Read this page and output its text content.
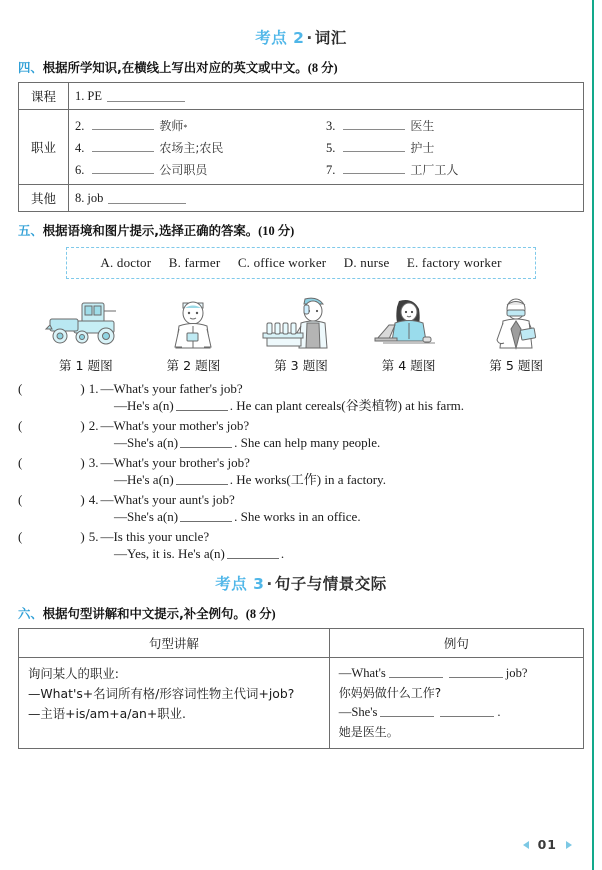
考点 2 · 词汇
四、根据所学知识,在横线上写出对应的英文或中文。(8 分)
课程	1. PE

职业	
2.	教师 *	3.	医生
4.	农场主;农民	5.	护士
6.	公司职员	7.	工厂工人

其他	8. job
五、根据语境和图片提示,选择正确的答案。(10 分)
A. doctor B. farmer C. office worker D. nurse E. factory worker
第 1 题图	第 2 题图	第 3 题图	第 4 题图	第 5 题图
(	) 1. —What's your father's job?
—He's a(n)	. He can plant cereals(谷类植物) at his farm.
(	) 2. —What's your mother's job?
—She's a(n)	. She can help many people.
(	) 3. —What's your brother's job?
—He's a(n)	. He works(工作) in a factory.
(	) 4. —What's your aunt's job?
—She's a(n)	. She works in an office.
(	) 5. —Is this your uncle?
—Yes, it is. He's a(n)	.
考点 3 · 句子与情景交际
六、根据句型讲解和中文提示,补全例句。(8 分)
句型讲解	例句

询问某人的职业:
—What's+名词所有格/形容词性物主代词+job?
—主语+is/am+a/an+职业.

—What's	job?
你妈妈做什么工作?
—She's	.
她是医生。
01
